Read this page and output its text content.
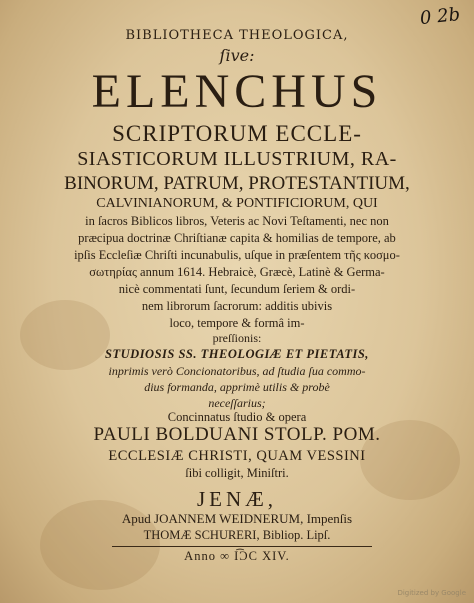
0 2b
BIBLIOTHECA THEOLOGICA,
ſive:
ELENCHUS
SCRIPTORUM ECCLE-
SIASTICORUM ILLUSTRIUM, RA-
BINORUM, PATRUM, PROTESTANTIUM,
CALVINIANORUM, & PONTIFICIORUM, QUI
in ſacros Biblicos libros, Veteris ac Novi Teſtamenti, nec non
præcipua doctrinæ Chriſtianæ capita & homilias de tempore, ab
ipſis Eccleſiæ Chriſti incunabulis, uſque in præſentem τῆς κοσμο-
σωτηρίας annum 1614. Hebraicè, Græcè, Latinè & Germa-
nicè commentati ſunt, ſecundum ſeriem & ordi-
nem librorum ſacrorum: additis ubivis
loco, tempore & formâ im-
preſſionis:
STUDIOSIS SS. THEOLOGIÆ ET PIETATIS,
inprimis verò Concionatoribus, ad ſtudia ſua commo-
dius formanda, apprimè utilis & probè
neceſſarius;
Concinnatus ſtudio & opera
PAULI BOLDUANI STOLP. POM.
ECCLESIÆ CHRISTI, QUAM VESSINI
ſibi colligit, Miniſtri.
JENÆ,
Apud JOANNEM WEIDNERUM, Impenſis
THOMÆ SCHURERI, Bibliop. Lipſ.
Anno ∞ I͡ϽC XIV.
Digitized by Google
